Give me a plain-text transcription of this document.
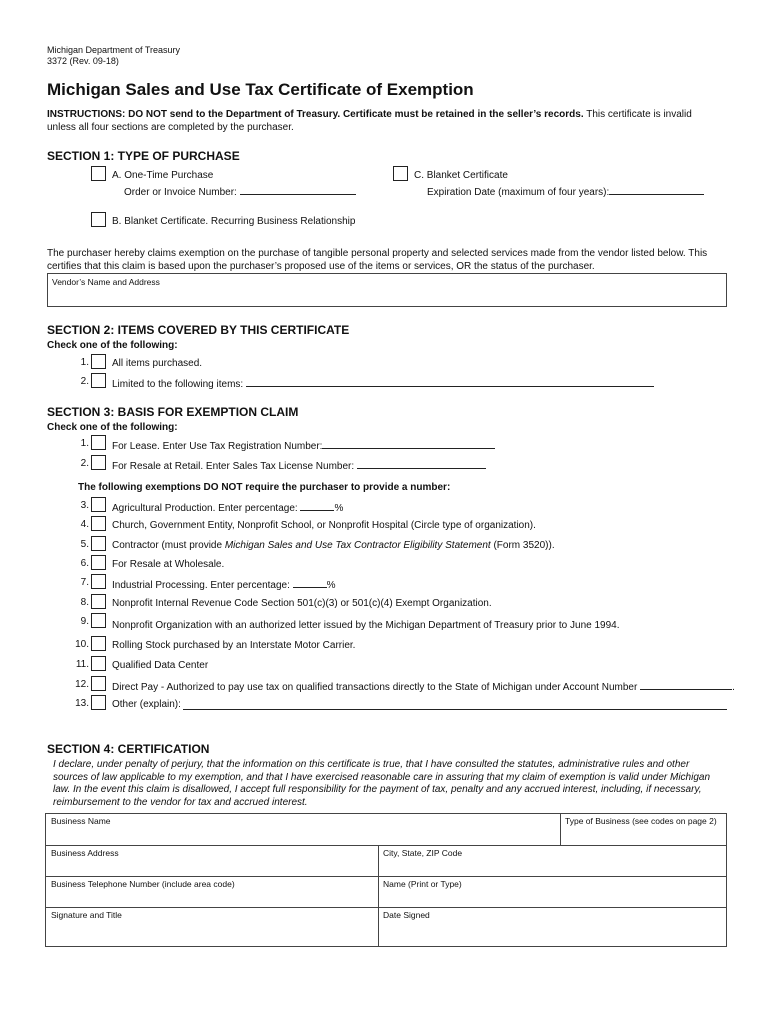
Michigan Department of Treasury
3372 (Rev. 09-18)
Michigan Sales and Use Tax Certificate of Exemption
INSTRUCTIONS: DO NOT send to the Department of Treasury. Certificate must be retained in the seller’s records. This certificate is invalid
unless all four sections are completed by the purchaser.
SECTION 1: TYPE OF PURCHASE
A. One-Time Purchase
Order or Invoice Number:
C. Blanket Certificate
Expiration Date (maximum of four years):
B. Blanket Certificate. Recurring Business Relationship
The purchaser hereby claims exemption on the purchase of tangible personal property and selected services made from the vendor listed below. This
certifies that this claim is based upon the purchaser’s proposed use of the items or services, OR the status of the purchaser.
Vendor’s Name and Address
SECTION 2: ITEMS COVERED BY THIS CERTIFICATE
Check one of the following:
1. All items purchased.
2. Limited to the following items:
SECTION 3: BASIS FOR EXEMPTION CLAIM
Check one of the following:
1. For Lease. Enter Use Tax Registration Number:
2. For Resale at Retail. Enter Sales Tax License Number:
The following exemptions DO NOT require the purchaser to provide a number:
3. Agricultural Production. Enter percentage:	%
4. Church, Government Entity, Nonprofit School, or Nonprofit Hospital (Circle type of organization).
5. Contractor (must provide Michigan Sales and Use Tax Contractor Eligibility Statement (Form 3520)).
6. For Resale at Wholesale.
7. Industrial Processing. Enter percentage:	%
8. Nonprofit Internal Revenue Code Section 501(c)(3) or 501(c)(4) Exempt Organization.
9. Nonprofit Organization with an authorized letter issued by the Michigan Department of Treasury prior to June 1994.
10. Rolling Stock purchased by an Interstate Motor Carrier.
11. Qualified Data Center
12. Direct Pay - Authorized to pay use tax on qualified transactions directly to the State of Michigan under Account Number	.
13. Other (explain):
SECTION 4: CERTIFICATION
I declare, under penalty of perjury, that the information on this certificate is true, that I have consulted the statutes, administrative rules and other
sources of law applicable to my exemption, and that I have exercised reasonable care in assuring that my claim of exemption is valid under Michigan
law. In the event this claim is disallowed, I accept full responsibility for the payment of tax, penalty and any accrued interest, including, if necessary,
reimbursement to the vendor for tax and accrued interest.
Business Name	Type of Business (see codes on page 2)
Business Address	City, State, ZIP Code
Business Telephone Number (include area code)	Name (Print or Type)
Signature and Title	Date Signed
